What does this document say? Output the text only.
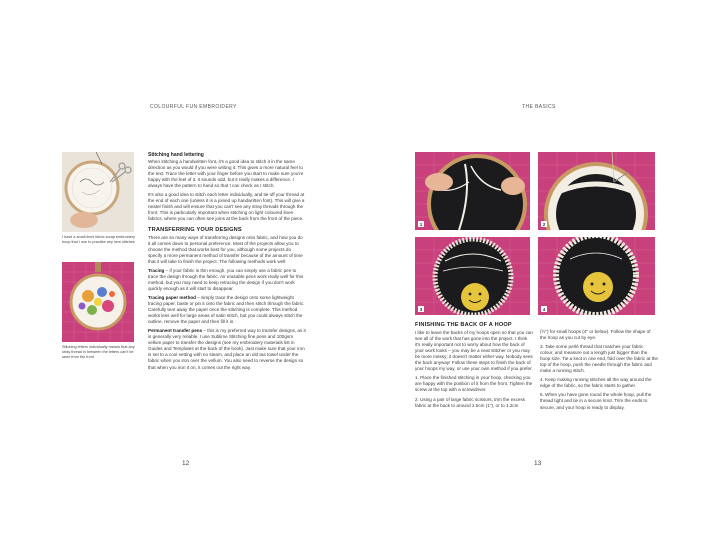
COLOURFUL FUN EMBROIDERY
I have a small lines fabric scrap embroidery hoop that I use to practise any new stitches
Stitching letters individually means that any stray thread in between the letters can't be seen from the front
Stitching hand lettering

When stitching a handwritten font, it's a good idea to stitch it in the same direction as you would if you were writing it. This gives a more natural feel to the text. Trace the letter with your finger before you start to make sure you're happy with the feel of it. It sounds odd, but it really makes a difference. I always have the pattern to hand so that I can check as I stitch.

It's also a good idea to stitch each letter individually, and tie off your thread at the end of each one (unless it is a joined up handwritten font). This will give a neater finish and will ensure that you can't see any stray threads through the front. This is particularly important when stitching on light coloured linen fabrics, where you can often see joins at the back from the front of the piece.

TRANSFERRING YOUR DESIGNS

There are so many ways of transferring designs onto fabric, and how you do it all comes down to personal preference. Most of the projects allow you to choose the method that works best for you, although some projects do specify a more permanent method of transfer because of the amount of time that it will take to finish the project. The following methods work well:

Tracing – if your fabric is thin enough, you can simply use a fabric pen to trace the design through the fabric. Air erasable pens work really well for this method, but you may need to keep retracing the design if you don't work quickly enough as it will start to disappear.

Tracing paper method – simply trace the design onto some lightweight tracing paper, baste or pin it onto the fabric and then stitch through the fabric. Carefully tear away the paper once the stitching is complete. This method works less well for large areas of satin stitch, but you could always stitch the outline, remove the paper and then fill it in.

Permanent transfer pens – this is my preferred way to transfer designs, as it is generally very reliable. I use Sublime Stitching fine pens and 100gsm vellum paper to transfer the designs (see my embroidery materials list in Guides and Templates at the back of the book). Just make sure that your iron is set to a cool setting with no steam, and place an old tea towel under the fabric when you iron over the vellum. You also need to reverse the design so that when you iron it on, it comes out the right way.

12
THE BASICS
1	2
3	4
FINISHING THE BACK OF A HOOP

I like to leave the backs of my hoops open so that you can see all of the work that has gone into the project. I think it's really important not to worry about how the back of your work looks – you may be a neat stitcher or you may be more messy; it doesn't matter either way. Nobody sees the back anyway! Follow these steps to finish the back of your hoops my way, or use your own method if you prefer.

1. Place the finished stitching in your hoop, checking you are happy with the position of it from the front. Tighten the screw at the top with a screwdriver.

2. Using a pair of large fabric scissors, trim the excess fabric at the back to around 2.5cm (1"), or to 1.2cm

(½") for small hoops (4" or below). Follow the shape of the hoop as you cut by eye.

3. Take some perlé thread that matches your fabric colour, and measure out a length just bigger than the hoop size. Tie a knot in one end, fold over the fabric at the top of the hoop, push the needle through the fabric and make a running stitch.

4. Keep making running stitches all the way around the edge of the fabric, so the fabric starts to gather.

5. When you have gone round the whole hoop, pull the thread tight and tie in a secure knot. Trim the ends to secure, and your hoop is ready to display.

13
